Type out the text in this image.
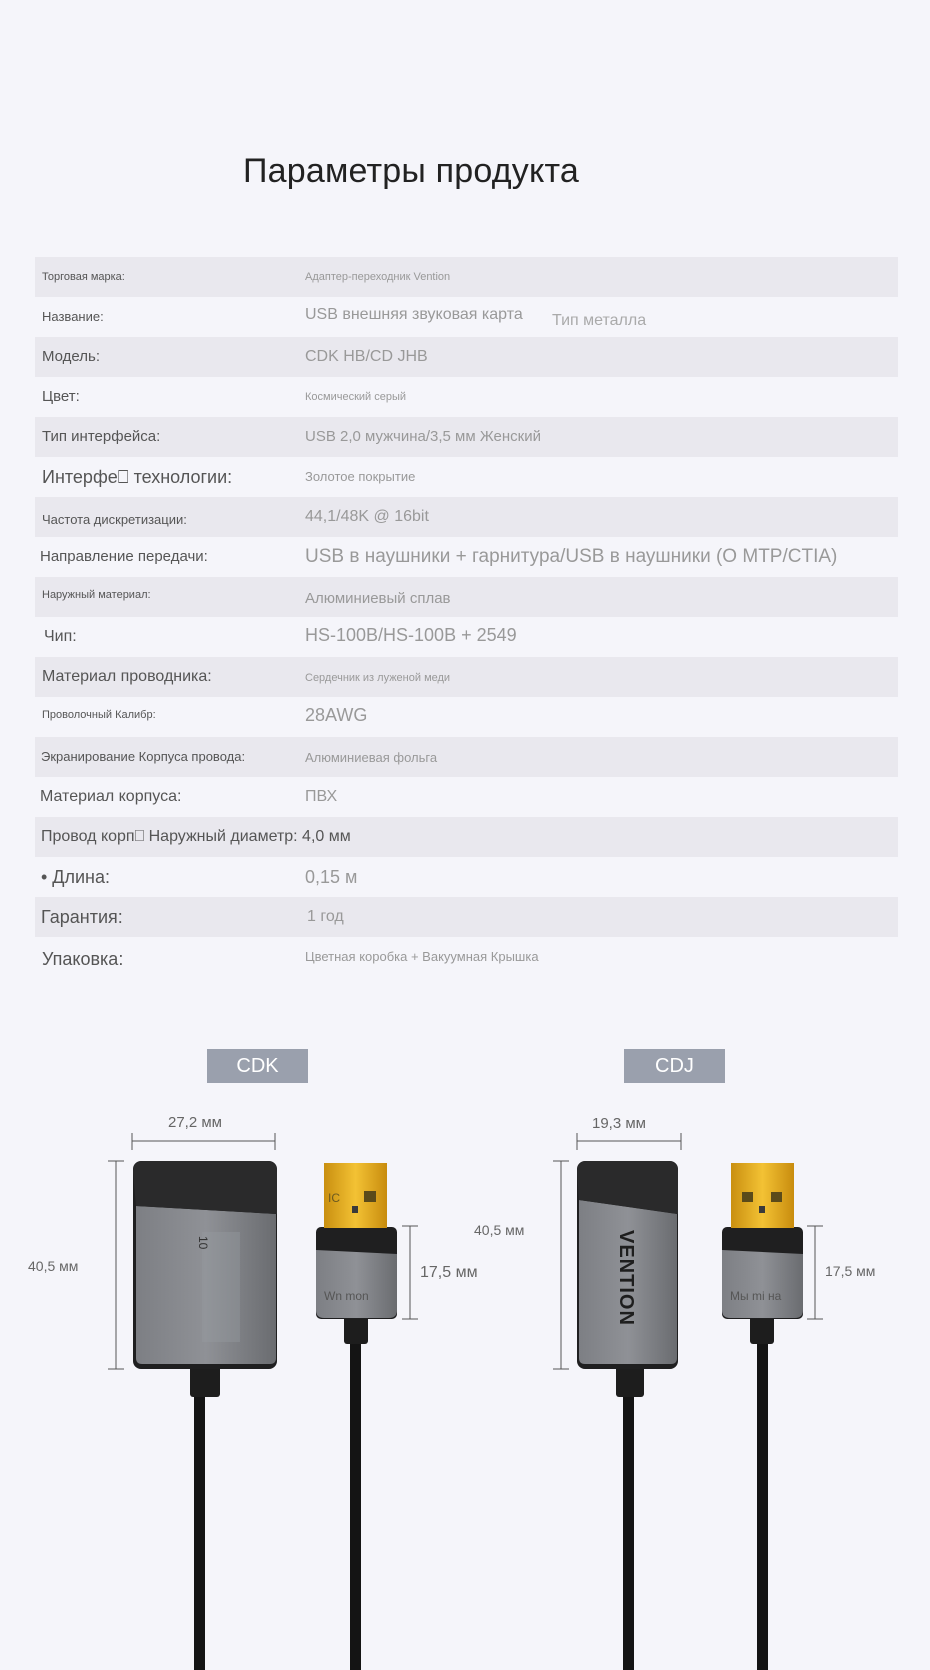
Параметры продукта
Торговая марка:	Адаптер-переходник Vention
Название:	USB внешняя звуковая карта Тип металла
Модель:	CDK HB/CD JHB
Цвет:	Космический серый
Тип интерфейса:	USB 2,0 мужчина/3,5 мм Женский
Интерфе⎕ технологии:	Золотое покрытие
Частота дискретизации:	44,1/48K @ 16bit
Направление передачи:	USB в наушники + гарнитура/USB в наушники (O MTP/CTIA)
Наружный материал:	Алюминиевый сплав
Чип:	HS-100B/HS-100B + 2549
Материал проводника:	Сердечник из луженой меди
Проволочный Калибр:	28AWG
Экранирование Корпуса провода:	Алюминиевая фольга
Материал корпуса:	ПВХ
Провод корп⎕ Наружный диаметр: 4,0 мм
• Длина:	0,15 м
Гарантия:	1 год
Упаковка:	Цветная коробка + Вакуумная Крышка
CDK	CDJ
27,2 мм
40,5 мм	17,5 мм
19,3 мм
40,5 мм
17,5 мм
10
IC
Wn mon	VENTION	Мы mi на
